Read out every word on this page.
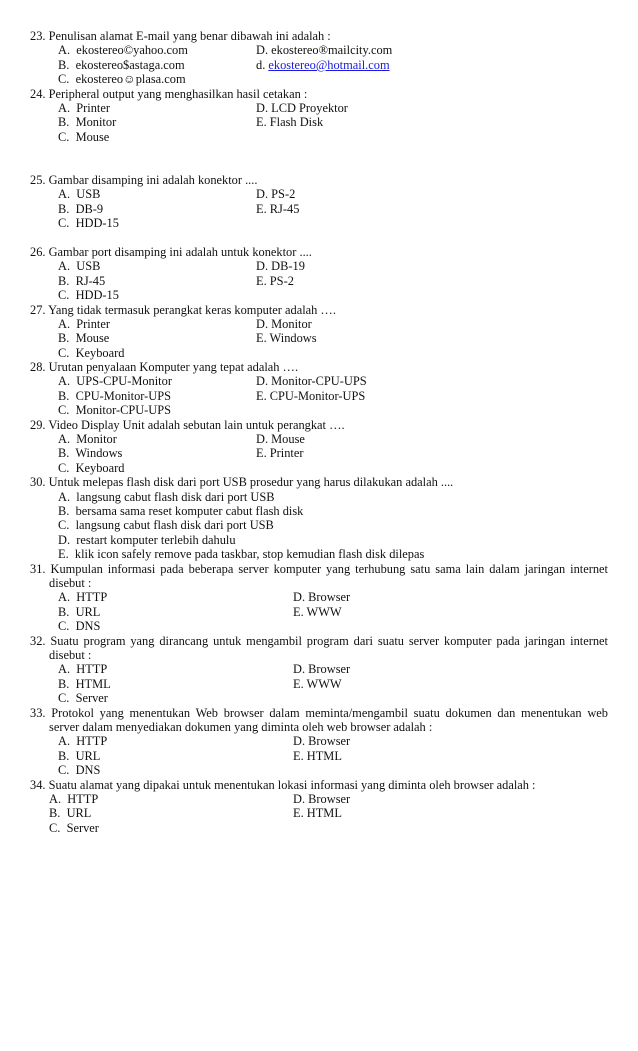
23. Penulisan alamat E-mail yang benar dibawah ini adalah :
A. ekostereo©yahoo.com	D. ekostereo®mailcity.com
B. ekostereo$astaga.com	d. ekostereo@hotmail.com
C. ekostereo☺plasa.com
24. Peripheral output yang menghasilkan hasil cetakan :
A. Printer	D. LCD Proyektor
B. Monitor	E. Flash Disk
C. Mouse
25. Gambar disamping ini adalah konektor ....
A. USB	D. PS-2
B. DB-9	E. RJ-45
C. HDD-15
26. Gambar port disamping ini adalah untuk konektor ....
A. USB	D. DB-19
B. RJ-45	E. PS-2
C. HDD-15
27. Yang tidak termasuk perangkat keras komputer adalah ….
A. Printer	D. Monitor
B. Mouse	E. Windows
C. Keyboard
28. Urutan penyalaan Komputer yang tepat adalah ….
A. UPS-CPU-Monitor	D. Monitor-CPU-UPS
B. CPU-Monitor-UPS	E. CPU-Monitor-UPS
C. Monitor-CPU-UPS
29. Video Display Unit adalah sebutan lain untuk perangkat ….
A. Monitor	D. Mouse
B. Windows	E. Printer
C. Keyboard
30. Untuk melepas flash disk dari port USB prosedur yang harus dilakukan adalah ....
A. langsung cabut flash disk dari port USB
B. bersama sama reset komputer cabut flash disk
C. langsung cabut flash disk dari port USB
D. restart komputer terlebih dahulu
E. klik icon safely remove pada taskbar, stop kemudian flash disk dilepas
31. Kumpulan informasi pada beberapa server komputer yang terhubung satu sama lain dalam jaringan internet disebut :
A. HTTP	D. Browser
B. URL	E. WWW
C. DNS
32. Suatu program yang dirancang untuk mengambil program dari suatu server komputer pada jaringan internet disebut :
A. HTTP	D. Browser
B. HTML	E. WWW
C. Server
33. Protokol yang menentukan Web browser dalam meminta/mengambil suatu dokumen dan menentukan web server dalam menyediakan dokumen yang diminta oleh web browser adalah :
A. HTTP	D. Browser
B. URL	E. HTML
C. DNS
34. Suatu alamat yang dipakai untuk menentukan lokasi informasi yang diminta oleh browser adalah :
A. HTTP	D. Browser
B. URL	E. HTML
C. Server
